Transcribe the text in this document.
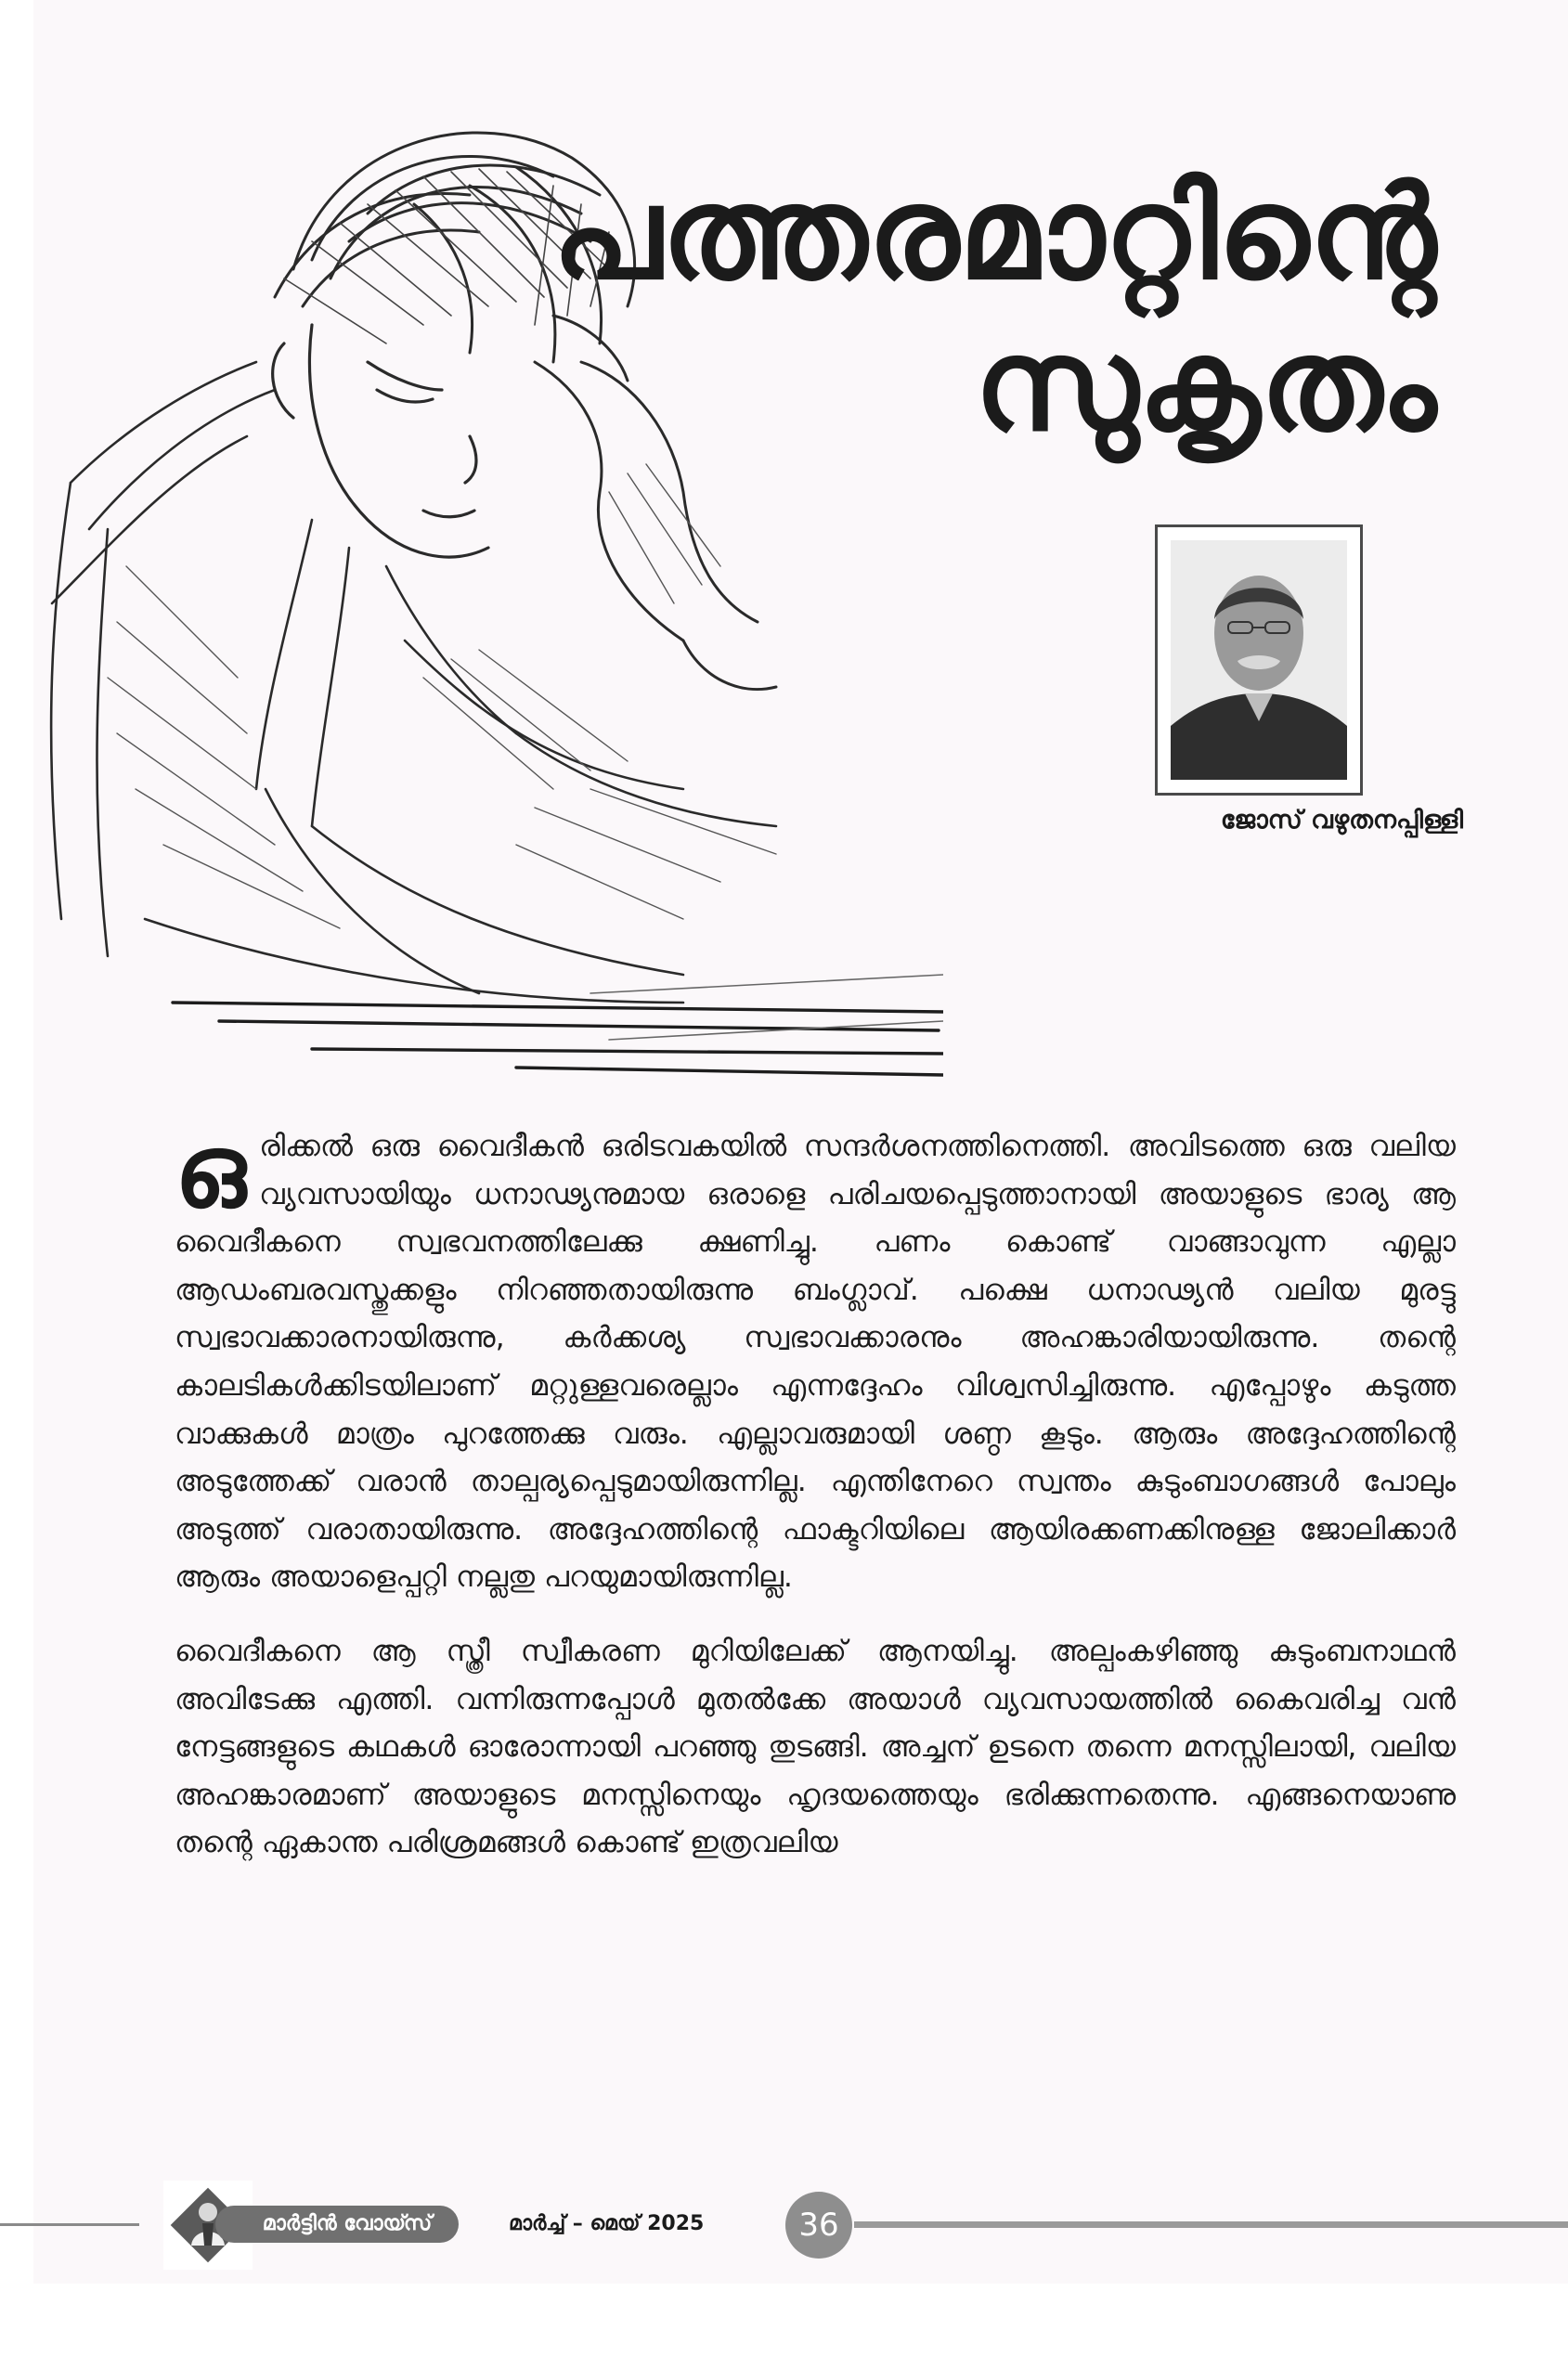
പത്തരമാറ്റിന്റെ
സുകൃതം
ജോസ് വഴുതനപ്പിള്ളി

ഒരിക്കൽ ഒരു വൈദീകൻ ഒരിടവകയിൽ സന്ദർശനത്തിനെത്തി. അവിടത്തെ ഒരു വലിയ വ്യവസായിയും ധനാഢ്യനുമായ ഒരാളെ പരിചയപ്പെടുത്താനായി അയാളുടെ ഭാര്യ ആ വൈദീകനെ സ്വഭവനത്തിലേക്കു ക്ഷണിച്ചു. പണം കൊണ്ട് വാങ്ങാവുന്ന എല്ലാ ആഡംബരവസ്തുക്കളും നിറഞ്ഞതായിരുന്നു ബംഗ്ലാവ്. പക്ഷെ ധനാഢ്യൻ വലിയ മുരട്ടു സ്വഭാവക്കാരനായിരുന്നു, കർക്കശ്യ സ്വഭാവക്കാരനും അഹങ്കാരിയായിരുന്നു. തന്റെ കാലടികൾക്കിടയിലാണ് മറ്റുള്ളവരെല്ലാം എന്നദ്ദേഹം വിശ്വസിച്ചിരുന്നു. എപ്പോഴും കടുത്ത വാക്കുകൾ മാത്രം പുറത്തേക്കു വരും. എല്ലാവരുമായി ശണ്ഠ കൂടും. ആരും അദ്ദേഹത്തിന്റെ അടുത്തേക്ക് വരാൻ താല്പര്യപ്പെടുമായിരുന്നില്ല. എന്തിനേറെ സ്വന്തം കുടുംബാഗങ്ങൾ പോലും അടുത്ത് വരാതായിരുന്നു. അദ്ദേഹത്തിന്റെ ഫാക്ടറിയിലെ ആയിരക്കണക്കിനുള്ള ജോലിക്കാർ ആരും അയാളെപ്പറ്റി നല്ലതു പറയുമായിരുന്നില്ല.

വൈദീകനെ ആ സ്ത്രീ സ്വീകരണ മുറിയിലേക്ക് ആനയിച്ചു. അല്പംകഴിഞ്ഞു കുടുംബനാഥൻ അവിടേക്കു എത്തി. വന്നിരുന്നപ്പോൾ മുതൽക്കേ അയാൾ വ്യവസായത്തിൽ കൈവരിച്ച വൻ നേട്ടങ്ങളുടെ കഥകൾ ഓരോന്നായി പറഞ്ഞു തുടങ്ങി. അച്ചന് ഉടനെ തന്നെ മനസ്സിലായി, വലിയ അഹങ്കാരമാണ് അയാളുടെ മനസ്സിനെയും ഹൃദയത്തെയും ഭരിക്കുന്നതെന്നു. എങ്ങനെയാണു തന്റെ ഏകാന്ത പരിശ്രമങ്ങൾ കൊണ്ട് ഇത്രവലിയ

മാർട്ടിൻ വോയ്സ്	മാർച്ച് – മെയ് 2025	36
